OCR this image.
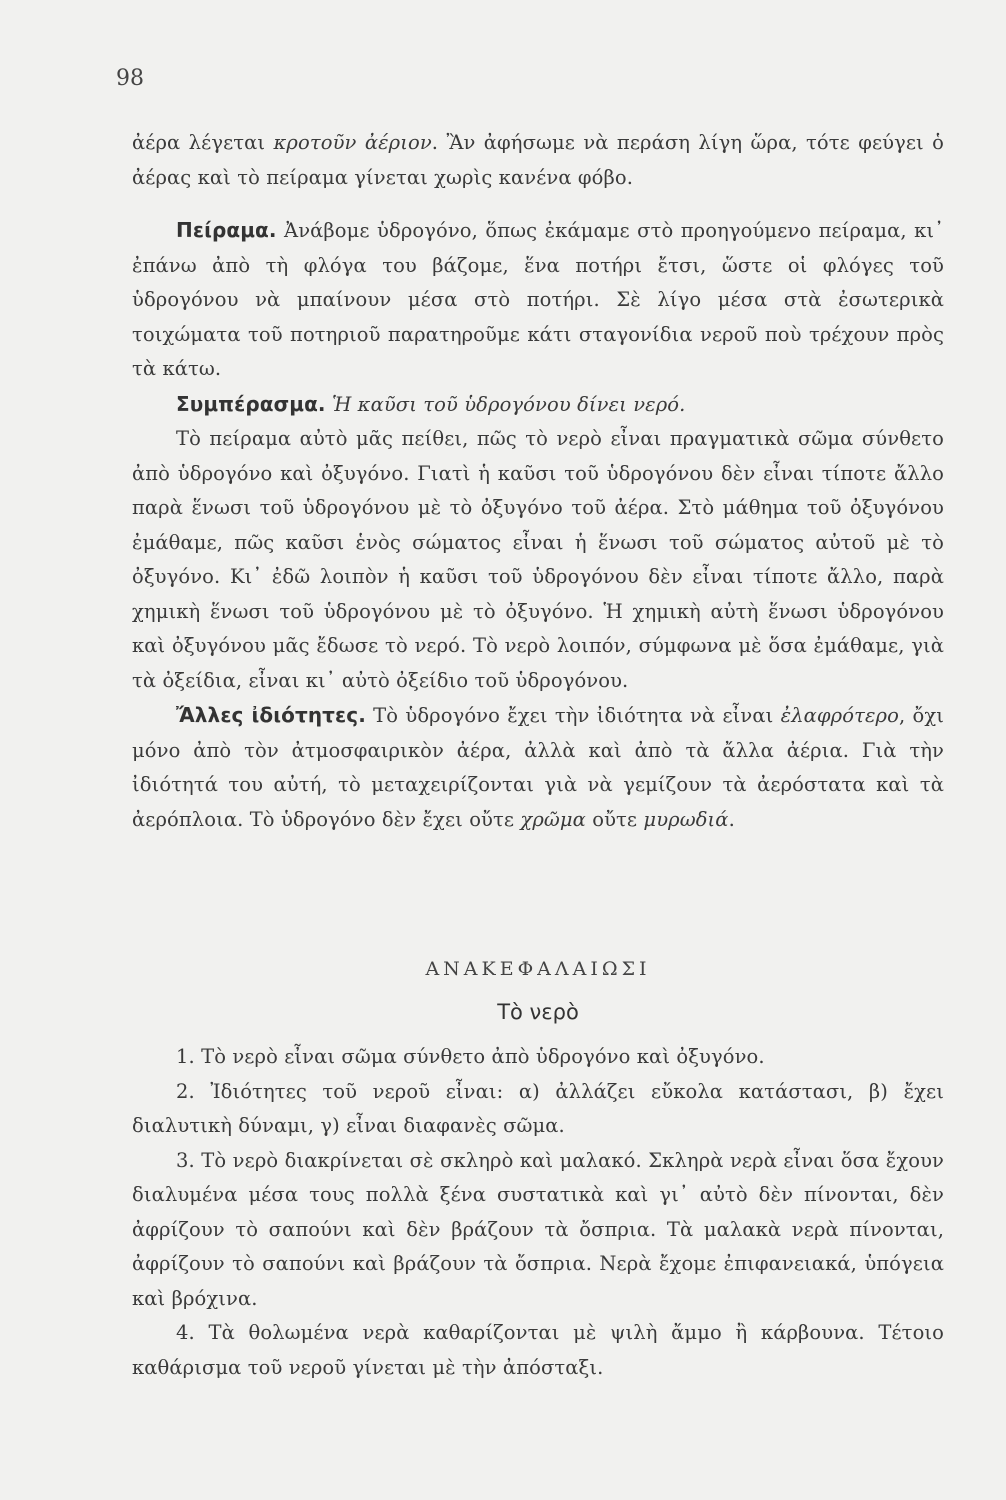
98

ἀέρα λέγεται κροτοῦν ἀέριον. Ἂν ἀφήσωμε νὰ περάση λίγη ὥρα, τότε φεύγει ὁ ἀέρας καὶ τὸ πείραμα γίνεται χωρὶς κανένα φόβο.

Πείραμα. Ἀνάβομε ὑδρογόνο, ὅπως ἐκάμαμε στὸ προηγούμενο πείραμα, κι᾿ ἐπάνω ἀπὸ τὴ φλόγα του βάζομε, ἕνα ποτήρι ἔτσι, ὥστε οἱ φλόγες τοῦ ὑδρογόνου νὰ μπαίνουν μέσα στὸ ποτήρι. Σὲ λίγο μέσα στὰ ἐσωτερικὰ τοιχώματα τοῦ ποτηριοῦ παρατηροῦμε κάτι σταγονίδια νεροῦ ποὺ τρέχουν πρὸς τὰ κάτω.

Συμπέρασμα. Ἡ καῦσι τοῦ ὑδρογόνου δίνει νερό.

Τὸ πείραμα αὐτὸ μᾶς πείθει, πῶς τὸ νερὸ εἶναι πραγματικὰ σῶμα σύνθετο ἀπὸ ὑδρογόνο καὶ ὀξυγόνο. Γιατὶ ἡ καῦσι τοῦ ὑδρογόνου δὲν εἶναι τίποτε ἄλλο παρὰ ἕνωσι τοῦ ὑδρογόνου μὲ τὸ ὀξυγόνο τοῦ ἀέρα. Στὸ μάθημα τοῦ ὀξυγόνου ἐμάθαμε, πῶς καῦσι ἑνὸς σώματος εἶναι ἡ ἕνωσι τοῦ σώματος αὐτοῦ μὲ τὸ ὀξυγόνο. Κι᾿ ἐδῶ λοιπὸν ἡ καῦσι τοῦ ὑδρογόνου δὲν εἶναι τίποτε ἄλλο, παρὰ χημικὴ ἕνωσι τοῦ ὑδρογόνου μὲ τὸ ὀξυγόνο. Ἡ χημικὴ αὐτὴ ἕνωσι ὑδρογόνου καὶ ὀξυγόνου μᾶς ἔδωσε τὸ νερό. Τὸ νερὸ λοιπόν, σύμφωνα μὲ ὅσα ἐμάθαμε, γιὰ τὰ ὀξείδια, εἶναι κι᾿ αὐτὸ ὀξείδιο τοῦ ὑδρογόνου.

Ἄλλες ἰδιότητες. Τὸ ὑδρογόνο ἔχει τὴν ἰδιότητα νὰ εἶναι ἐλαφρότερο, ὄχι μόνο ἀπὸ τὸν ἀτμοσφαιρικὸν ἀέρα, ἀλλὰ καὶ ἀπὸ τὰ ἄλλα ἀέρια. Γιὰ τὴν ἰδιότητά του αὐτή, τὸ μεταχειρίζονται γιὰ νὰ γεμίζουν τὰ ἀερόστατα καὶ τὰ ἀερόπλοια. Τὸ ὑδρογόνο δὲν ἔχει οὔτε χρῶμα οὔτε μυρωδιά.

ΑΝΑΚΕΦΑΛΑΙΩΣΙ
Τὸ νερὸ

1. Τὸ νερὸ εἶναι σῶμα σύνθετο ἀπὸ ὑδρογόνο καὶ ὀξυγόνο.

2. Ἰδιότητες τοῦ νεροῦ εἶναι: α) ἀλλάζει εὔκολα κατάστασι, β) ἔχει διαλυτικὴ δύναμι, γ) εἶναι διαφανὲς σῶμα.

3. Τὸ νερὸ διακρίνεται σὲ σκληρὸ καὶ μαλακό. Σκληρὰ νερὰ εἶναι ὅσα ἔχουν διαλυμένα μέσα τους πολλὰ ξένα συστατικὰ καὶ γι᾿ αὐτὸ δὲν πίνονται, δὲν ἀφρίζουν τὸ σαπούνι καὶ δὲν βράζουν τὰ ὄσπρια. Τὰ μαλακὰ νερὰ πίνονται, ἀφρίζουν τὸ σαπούνι καὶ βράζουν τὰ ὄσπρια. Νερὰ ἔχομε ἐπιφανειακά, ὑπόγεια καὶ βρόχινα.

4. Τὰ θολωμένα νερὰ καθαρίζονται μὲ ψιλὴ ἄμμο ἢ κάρβουνα. Τέτοιο καθάρισμα τοῦ νεροῦ γίνεται μὲ τὴν ἀπόσταξι.
